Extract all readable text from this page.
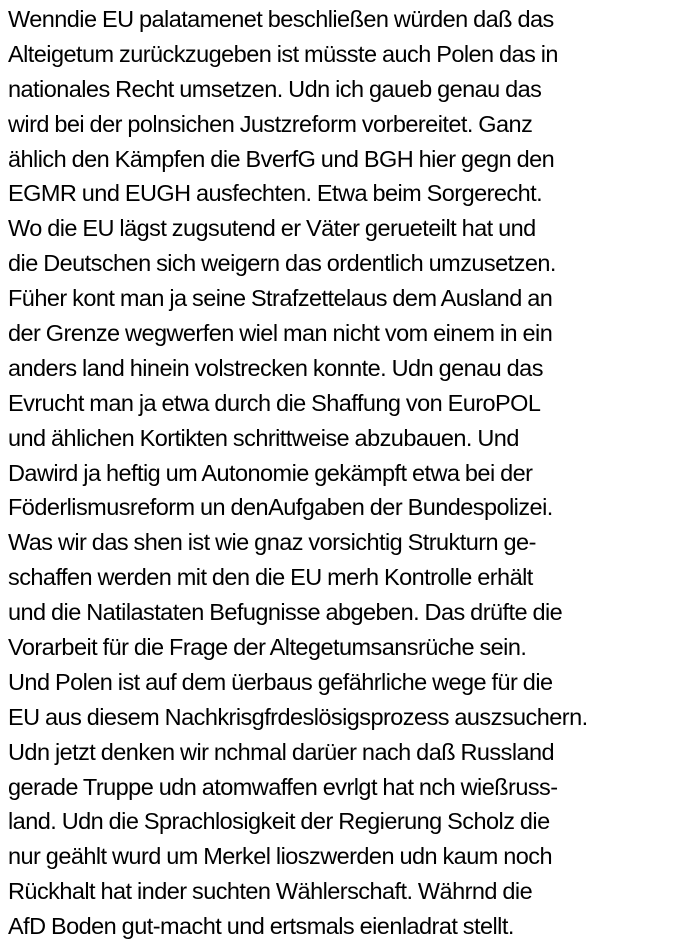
Wenndie EU palatamenet beschließen würden daß das
Alteigetum zurückzugeben ist müsste auch Polen das in
nationales Recht umsetzen. Udn ich gaueb genau das
wird bei der polnsichen Justzreform vorbereitet. Ganz
ählich den Kämpfen die BverfG und BGH hier gegn den
EGMR und EUGH ausfechten. Etwa beim Sorgerecht.
Wo die EU lägst zugsutend er Väter gerueteilt hat und
die Deutschen sich weigern das ordentlich umzusetzen.
Füher kont man ja seine Strafzettelaus dem Ausland an
der Grenze wegwerfen wiel man nicht vom einem in ein
anders land hinein volstrecken konnte. Udn genau das
Evrucht man ja etwa durch die Shaffung von EuroPOL
und ählichen Kortikten schrittweise abzubauen. Und
Dawird ja heftig um Autonomie gekämpft etwa bei der
Föderlismusreform un denAufgaben der Bundespolizei.
Was wir das shen ist wie gnaz vorsichtig Strukturn ge-
schaffen werden mit den die EU merh Kontrolle erhält
und die Natilastaten Befugnisse abgeben. Das drüfte die
Vorarbeit für die Frage der Altegetumsansrüche sein.
Und Polen ist auf dem üerbaus gefährliche wege für die
EU aus diesem Nachkrisgfrdeslösigsprozess auszsuchern.
Udn jetzt denken wir nchmal darüer nach daß Russland
gerade Truppe udn atomwaffen evrlgt hat nch wießruss-
land. Udn die Sprachlosigkeit der Regierung Scholz die
nur geählt wurd um Merkel lioszwerden udn kaum noch
Rückhalt hat inder suchten Wählerschaft. Währnd die
AfD Boden gut-macht und ertsmals eienladrat stellt.
